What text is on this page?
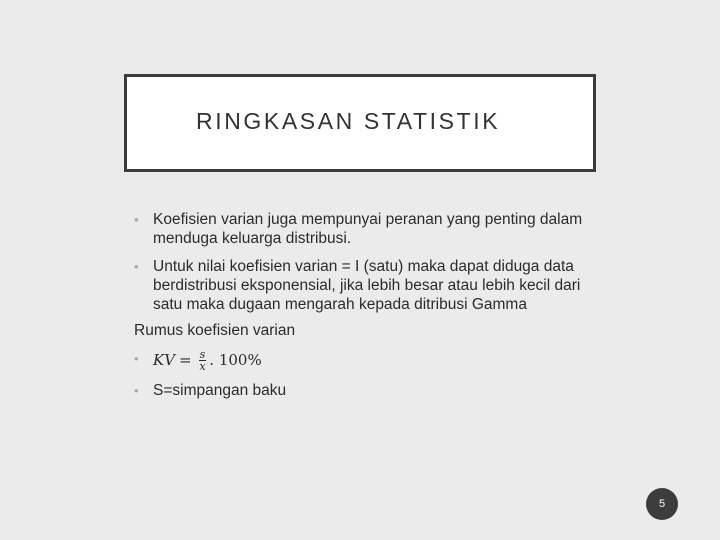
RINGKASAN STATISTIK
• Koefisien varian juga mempunyai peranan yang penting dalam menduga keluarga distribusi.
• Untuk nilai koefisien varian = I (satu) maka dapat diduga data berdistribusi eksponensial, jika lebih besar atau lebih kecil dari satu maka dugaan mengarah kepada ditribusi Gamma
Rumus koefisien varian
• KV = $\frac{s}{x}$ . 100%
• S=simpangan baku
5
